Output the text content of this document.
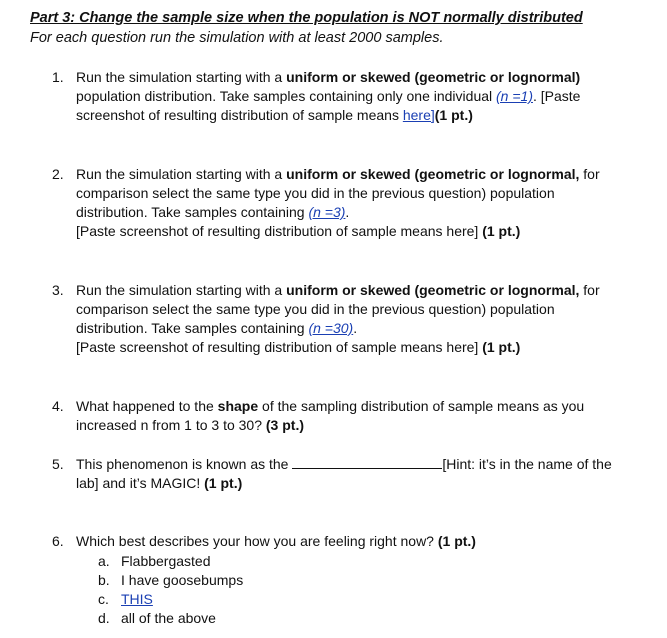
Part 3: Change the sample size when the population is NOT normally distributed
For each question run the simulation with at least 2000 samples.
1. Run the simulation starting with a uniform or skewed (geometric or lognormal)
population distribution. Take samples containing only one individual (n =1). [Paste
screenshot of resulting distribution of sample means here](1 pt.)
2. Run the simulation starting with a uniform or skewed (geometric or lognormal, for
comparison select the same type you did in the previous question) population
distribution. Take samples containing (n =3).
[Paste screenshot of resulting distribution of sample means here] (1 pt.)
3. Run the simulation starting with a uniform or skewed (geometric or lognormal, for
comparison select the same type you did in the previous question) population
distribution. Take samples containing (n =30).
[Paste screenshot of resulting distribution of sample means here] (1 pt.)
4. What happened to the shape of the sampling distribution of sample means as you
increased n from 1 to 3 to 30? (3 pt.)
5. This phenomenon is known as the	[Hint: it’s in the name of the
lab] and it’s MAGIC! (1 pt.)
6. Which best describes your how you are feeling right now? (1 pt.)
a. Flabbergasted
b. I have goosebumps
c. THIS
d. all of the above
